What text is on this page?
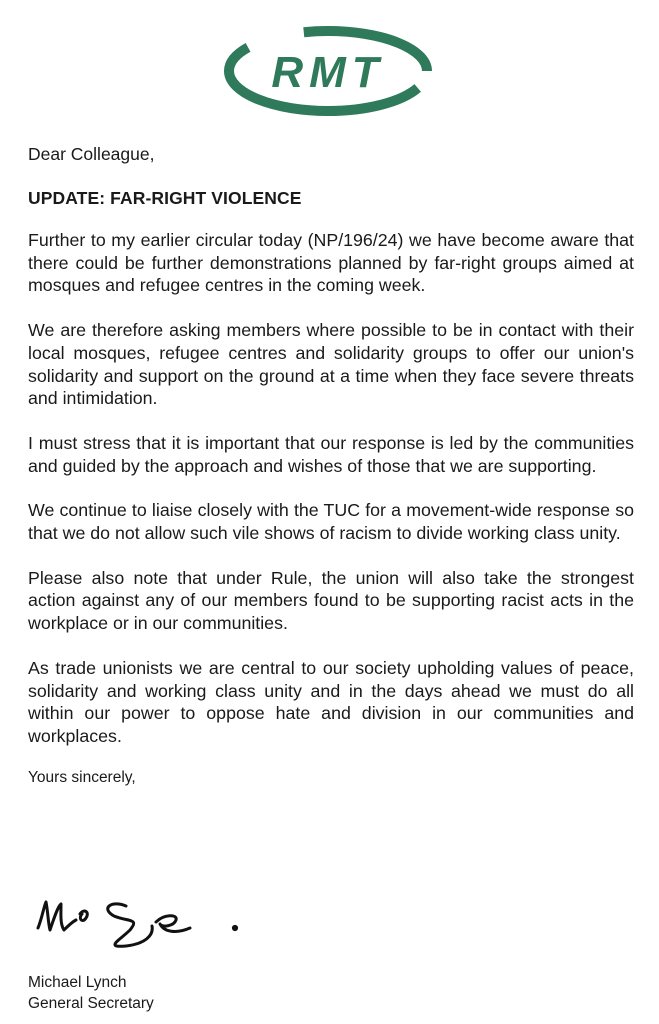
RMT

Dear Colleague,

UPDATE: FAR-RIGHT VIOLENCE

Further to my earlier circular today (NP/196/24) we have become aware that there could be further demonstrations planned by far-right groups aimed at mosques and refugee centres in the coming week.

We are therefore asking members where possible to be in contact with their local mosques, refugee centres and solidarity groups to offer our union's solidarity and support on the ground at a time when they face severe threats and intimidation.

I must stress that it is important that our response is led by the communities and guided by the approach and wishes of those that we are supporting.

We continue to liaise closely with the TUC for a movement-wide response so that we do not allow such vile shows of racism to divide working class unity.

Please also note that under Rule, the union will also take the strongest action against any of our members found to be supporting racist acts in the workplace or in our communities.

As trade unionists we are central to our society upholding values of peace, solidarity and working class unity and in the days ahead we must do all within our power to oppose hate and division in our communities and workplaces.

Yours sincerely,

Michael Lynch
General Secretary
